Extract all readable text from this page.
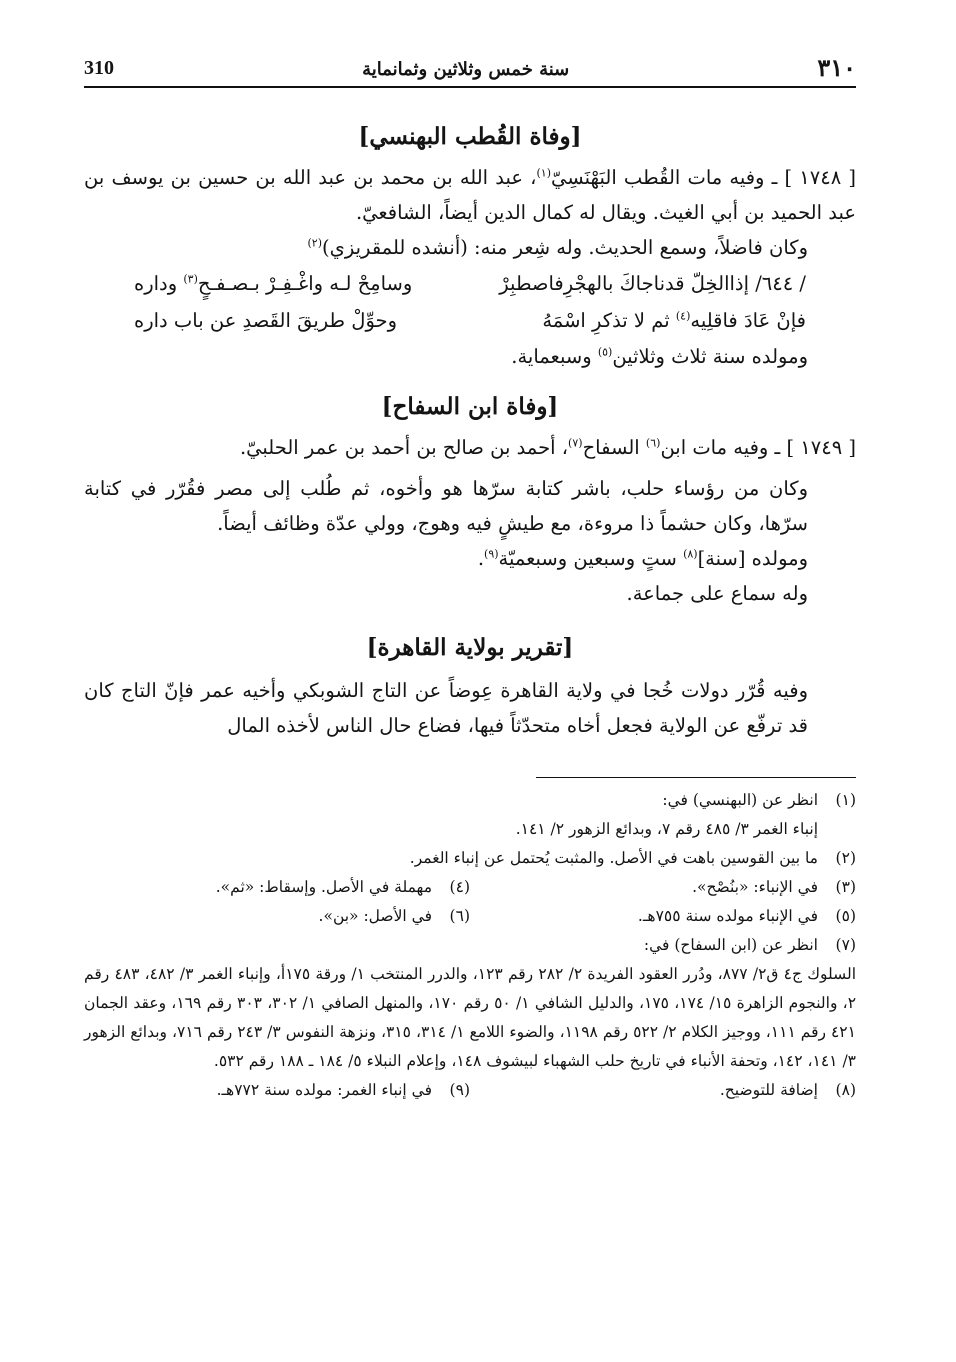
٣١٠
سنة خمس وثلاثين وثمانماية
310
[وفاة القُطب البهنسي]

[ ١٧٤٨ ] ـ وفيه مات القُطب البَهْنَسِيّ$^{(١)}$، عبد الله بن محمد بن عبد الله بن حسين بن يوسف بن عبد الحميد بن أبي الغيث. ويقال له كمال الدين أيضاً، الشافعيّ.

وكان فاضلاً، وسمع الحديث. وله شِعر منه: (أنشده للمقريزي)$^{(٢)}$

/ ٦٤٤/ إذاالخِلّ قدناجاكَ بالهجْرِفاصطبِرْ
وسامِحْ لـه واغْـفِـرْ بـصـفـحٍ$^{(٣)}$ وداره
فإنْ عَادَ فاقلِيه$^{(٤)}$ ثم لا تذكرِ اسْمَهُ
وحوِّلْ طريقَ القَصدِ عن باب داره

ومولده سنة ثلاث وثلاثين$^{(٥)}$ وسبعماية.

[وفاة ابن السفاح]

[ ١٧٤٩ ] ـ وفيه مات ابن$^{(٦)}$ السفاح$^{(٧)}$، أحمد بن صالح بن أحمد بن عمر الحلبيّ.

وكان من رؤساء حلب، باشر كتابة سرّها هو وأخوه، ثم طُلب إلى مصر فقُرّر في كتابة سرّها، وكان حشماً ذا مروءة، مع طيشٍ فيه وهوج، وولي عدّة وظائف أيضاً.

ومولده [سنة]$^{(٨)}$ ستٍ وسبعين وسبعميّة$^{(٩)}$.

وله سماع على جماعة.

[تقرير بولاية القاهرة]

وفيه قُرّر دولات خُجا في ولاية القاهرة عِوضاً عن التاج الشوبكي وأخيه عمر فإنّ التاج كان قد ترفّع عن الولاية فجعل أخاه متحدّثاً فيها، فضاع حال الناس لأخذه المال

(١)
انظر عن (البهنسي) في:
إنباء الغمر ٣/ ٤٨٥ رقم ٧، وبدائع الزهور ٢/ ١٤١.
(٢)
ما بين القوسين باهت في الأصل. والمثبت يُحتمل عن إنباء الغمر.
(٣)
في الإنباء: «بنُصْح».
(٤)
مهملة في الأصل. وإسقاط: «ثم».
(٥)
في الإنباء مولده سنة ٧٥٥هـ.
(٦)
في الأصل: «بن».
(٧)
انظر عن (ابن السفاح) في:
السلوك ج٤ ق٢/ ٨٧٧، ودُرر العقود الفريدة ٢/ ٢٨٢ رقم ١٢٣، والدرر المنتخب ١/ ورقة ١٧٥أ، وإنباء الغمر ٣/ ٤٨٢، ٤٨٣ رقم ٢، والنجوم الزاهرة ١٥/ ١٧٤، ١٧٥، والدليل الشافي ١/ ٥٠ رقم ١٧٠، والمنهل الصافي ١/ ٣٠٢، ٣٠٣ رقم ١٦٩، وعقد الجمان ٤٢١ رقم ١١١، ووجيز الكلام ٢/ ٥٢٢ رقم ١١٩٨، والضوء اللامع ١/ ٣١٤، ٣١٥، ونزهة النفوس ٣/ ٢٤٣ رقم ٧١٦، وبدائع الزهور ٣/ ١٤١، ١٤٢، وتحفة الأنباء في تاريخ حلب الشهباء لبيشوف ١٤٨، وإعلام النبلاء ٥/ ١٨٤ ـ ١٨٨ رقم ٥٣٢.
(٨)
إضافة للتوضيح.
(٩)
في إنباء الغمر: مولده سنة ٧٧٢هـ.
